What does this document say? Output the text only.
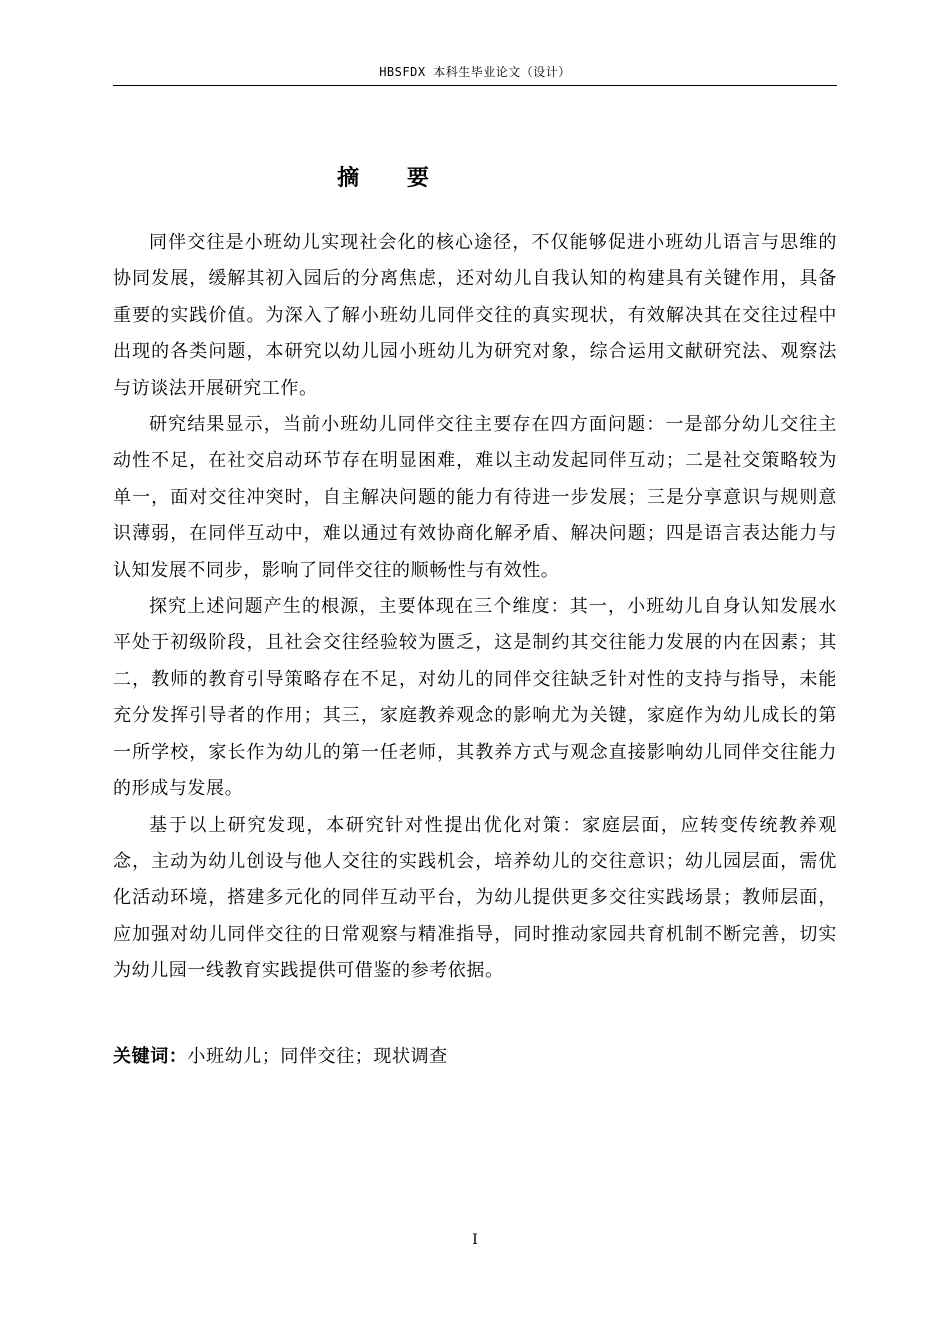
HBSFDX 本科生毕业论文（设计）
摘 要

同伴交往是小班幼儿实现社会化的核心途径，不仅能够促进小班幼儿语言与思维的协同发展，缓解其初入园后的分离焦虑，还对幼儿自我认知的构建具有关键作用，具备重要的实践价值。为深入了解小班幼儿同伴交往的真实现状，有效解决其在交往过程中出现的各类问题，本研究以幼儿园小班幼儿为研究对象，综合运用文献研究法、观察法与访谈法开展研究工作。

研究结果显示，当前小班幼儿同伴交往主要存在四方面问题：一是部分幼儿交往主动性不足，在社交启动环节存在明显困难，难以主动发起同伴互动；二是社交策略较为单一，面对交往冲突时，自主解决问题的能力有待进一步发展；三是分享意识与规则意识薄弱，在同伴互动中，难以通过有效协商化解矛盾、解决问题；四是语言表达能力与认知发展不同步，影响了同伴交往的顺畅性与有效性。

探究上述问题产生的根源，主要体现在三个维度：其一，小班幼儿自身认知发展水平处于初级阶段，且社会交往经验较为匮乏，这是制约其交往能力发展的内在因素；其二，教师的教育引导策略存在不足，对幼儿的同伴交往缺乏针对性的支持与指导，未能充分发挥引导者的作用；其三，家庭教养观念的影响尤为关键，家庭作为幼儿成长的第一所学校，家长作为幼儿的第一任老师，其教养方式与观念直接影响幼儿同伴交往能力的形成与发展。

基于以上研究发现，本研究针对性提出优化对策：家庭层面，应转变传统教养观念，主动为幼儿创设与他人交往的实践机会，培养幼儿的交往意识；幼儿园层面，需优化活动环境，搭建多元化的同伴互动平台，为幼儿提供更多交往实践场景；教师层面，应加强对幼儿同伴交往的日常观察与精准指导，同时推动家园共育机制不断完善，切实为幼儿园一线教育实践提供可借鉴的参考依据。

关键词：小班幼儿；同伴交往；现状调查
I
